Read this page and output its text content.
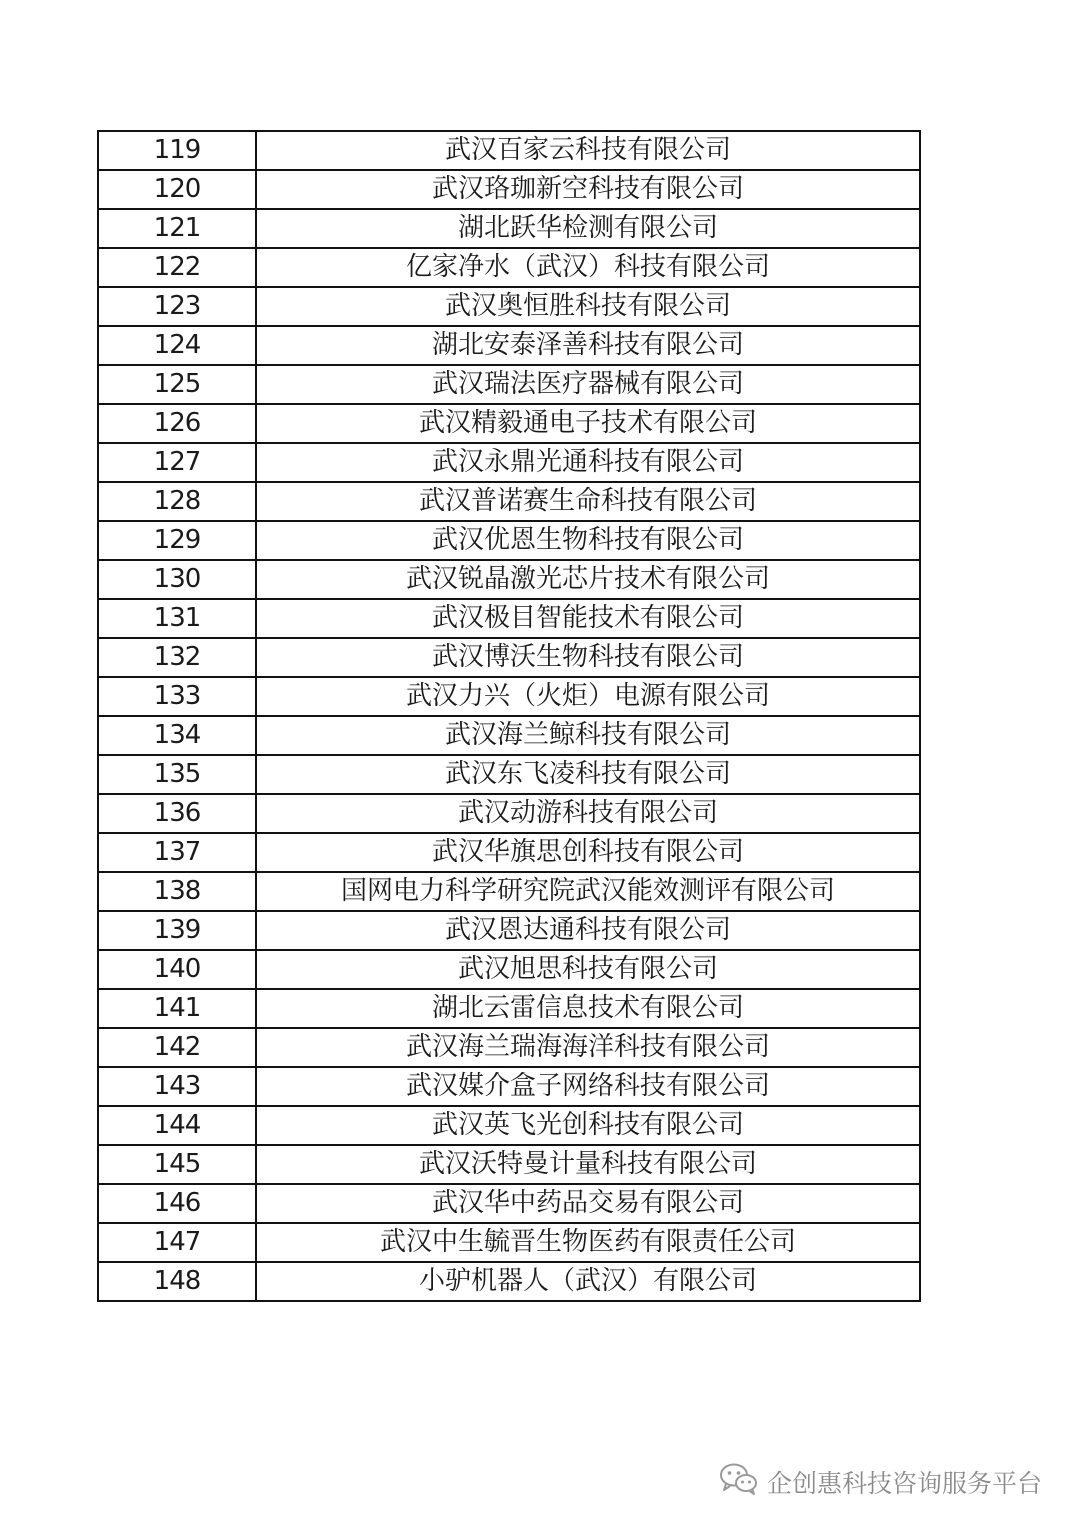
119	武汉百家云科技有限公司
120	武汉珞珈新空科技有限公司
121	湖北跃华检测有限公司
122	亿家净水（武汉）科技有限公司
123	武汉奥恒胜科技有限公司
124	湖北安泰泽善科技有限公司
125	武汉瑞法医疗器械有限公司
126	武汉精毅通电子技术有限公司
127	武汉永鼎光通科技有限公司
128	武汉普诺赛生命科技有限公司
129	武汉优恩生物科技有限公司
130	武汉锐晶激光芯片技术有限公司
131	武汉极目智能技术有限公司
132	武汉博沃生物科技有限公司
133	武汉力兴（火炬）电源有限公司
134	武汉海兰鲸科技有限公司
135	武汉东飞凌科技有限公司
136	武汉动游科技有限公司
137	武汉华旗思创科技有限公司
138	国网电力科学研究院武汉能效测评有限公司
139	武汉恩达通科技有限公司
140	武汉旭思科技有限公司
141	湖北云雷信息技术有限公司
142	武汉海兰瑞海海洋科技有限公司
143	武汉媒介盒子网络科技有限公司
144	武汉英飞光创科技有限公司
145	武汉沃特曼计量科技有限公司
146	武汉华中药品交易有限公司
147	武汉中生毓晋生物医药有限责任公司
148	小驴机器人（武汉）有限公司
企创惠科技咨询服务平台
